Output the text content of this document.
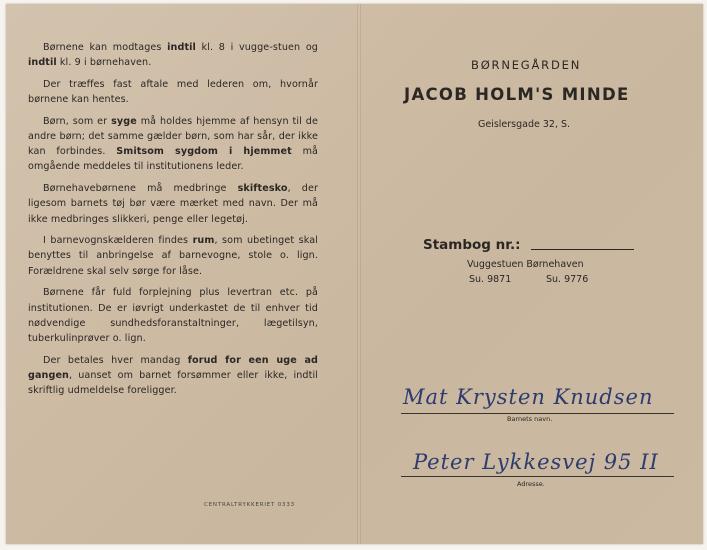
Børnene kan modtages indtil kl. 8 i vugge-stuen og indtil kl. 9 i børnehaven.

Der træffes fast aftale med lederen om, hvornår børnene kan hentes.

Børn, som er syge må holdes hjemme af hensyn til de andre børn; det samme gælder børn, som har sår, der ikke kan forbindes. Smitsom sygdom i hjemmet må omgående meddeles til institutionens leder.

Børnehavebørnene må medbringe skiftesko, der ligesom barnets tøj bør være mærket med navn. Der må ikke medbringes slikkeri, penge eller legetøj.

I barnevognskælderen findes rum, som ubetinget skal benyttes til anbringelse af barnevogne, stole o. lign. Forældrene skal selv sørge for låse.

Børnene får fuld forplejning plus levertran etc. på institutionen. De er iøvrigt underkastet de til enhver tid nødvendige sundhedsforanstaltninger, lægetilsyn, tuberkulinprøver o. lign.

Der betales hver mandag forud for een uge ad gangen, uanset om barnet forsømmer eller ikke, indtil skriftlig udmeldelse foreligger.

CENTRALTRYKKERIET 0333
BØRNEGÅRDEN
JACOB HOLM'S MINDE
Geislersgade 32, S.
Stambog nr.:
Vuggestuen Børnehaven
Su. 9871	Su. 9776
Mat Krysten Knudsen
Barnets navn.
Peter Lykkesvej 95 II
Adresse.
